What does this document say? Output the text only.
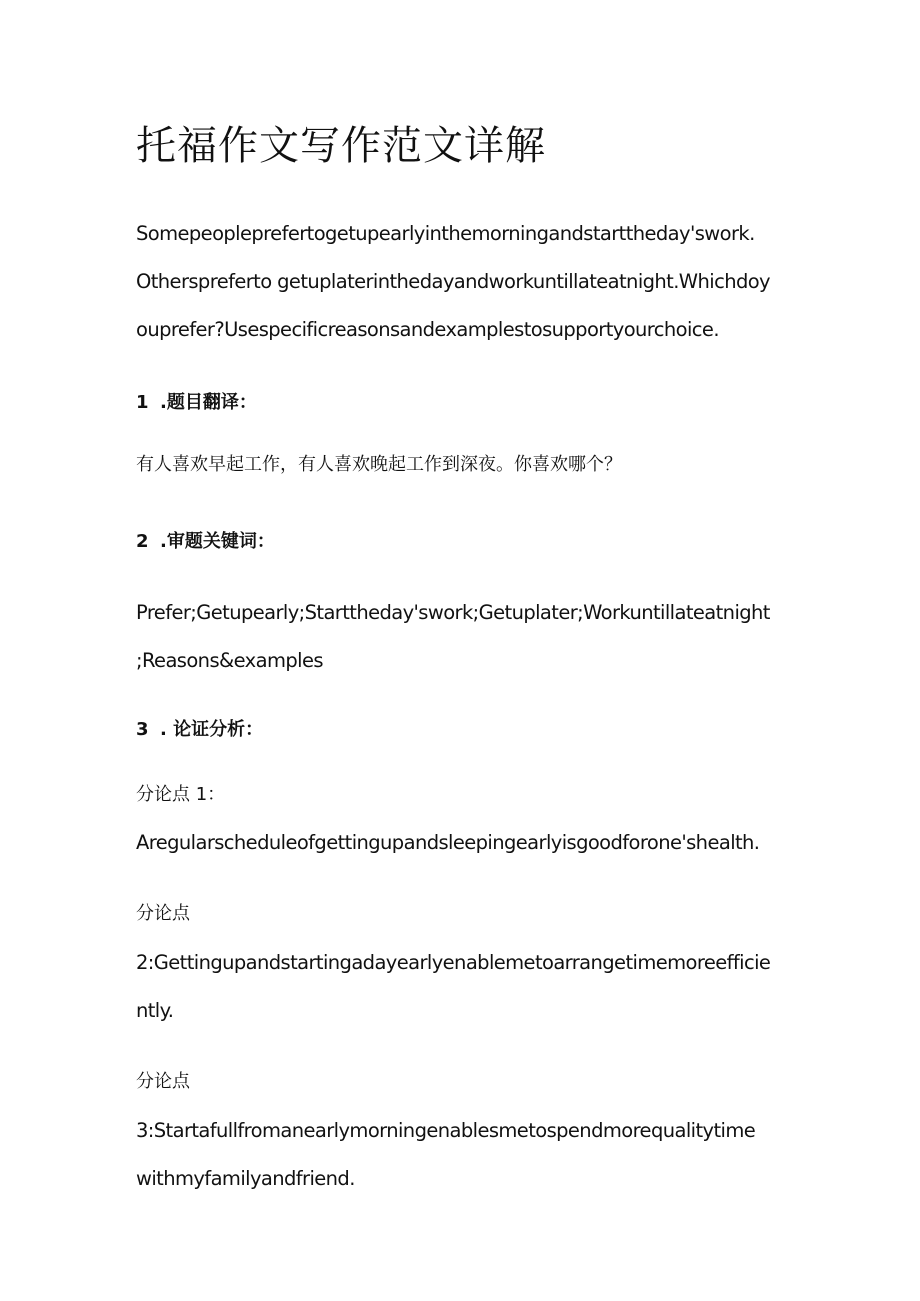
托福作文写作范文详解
Somepeopleprefertogetupearlyinthemorningandstarttheday'swork.
Otherspreferto getuplaterinthedayandworkuntillateatnight.Whichdoy
ouprefer?Usespecificreasonsandexamplestosupportyourchoice.
1 .题目翻译：
有人喜欢早起工作，有人喜欢晚起工作到深夜。你喜欢哪个？
2 .审题关键词：
Prefer;Getupearly;Starttheday'swork;Getuplater;Workuntillateatnight
;Reasons&examples
3 . 论证分析：
分论点 1：
Aregularscheduleofgettingupandsleepingearlyisgoodforone'shealth.
分论点
2:Gettingupandstartingadayearlyenablemetoarrangetimemoreefficie
ntly.
分论点
3:Startafullfromanearlymorningenablesmetospendmorequalitytime
withmyfamilyandfriend.
